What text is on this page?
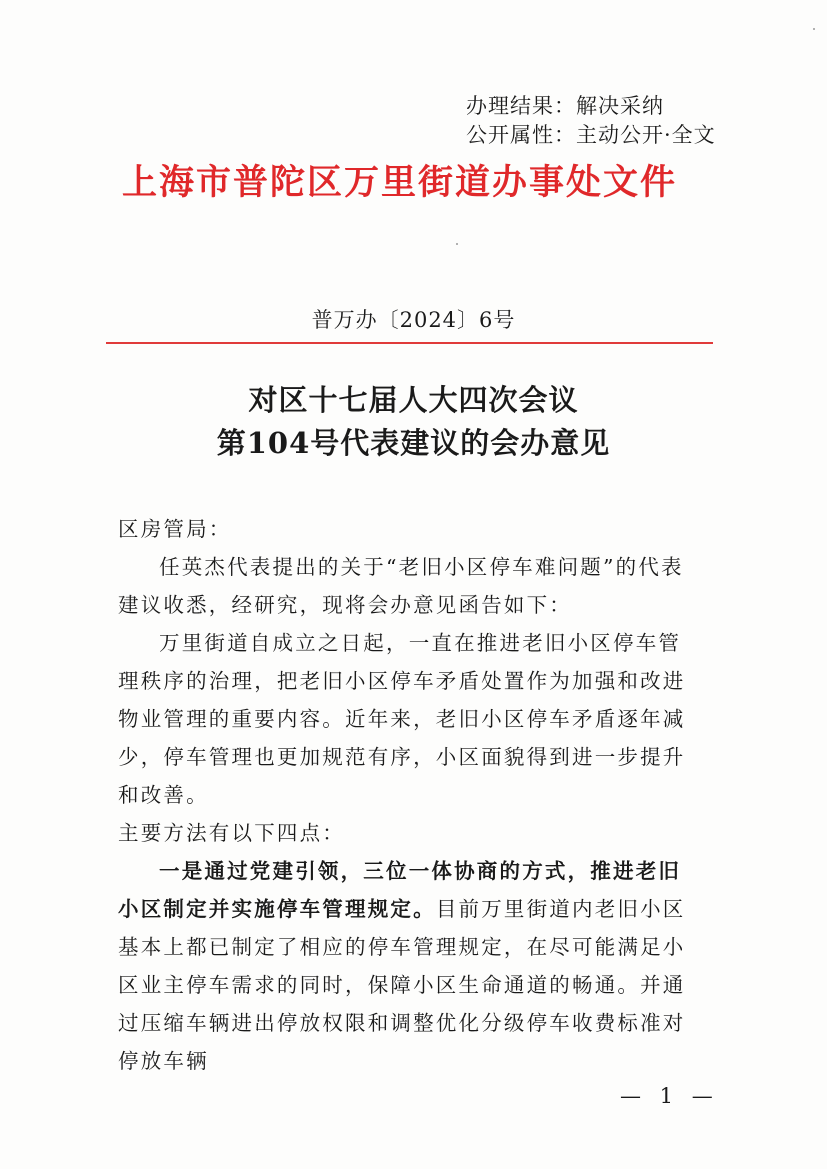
办理结果：解决采纳
公开属性：主动公开·全文
上海市普陀区万里街道办事处文件
普万办〔2024〕6号
对区十七届人大四次会议
第104号代表建议的会办意见
区房管局：

任英杰代表提出的关于“老旧小区停车难问题”的代表建议收悉，经研究，现将会办意见函告如下：

万里街道自成立之日起，一直在推进老旧小区停车管理秩序的治理，把老旧小区停车矛盾处置作为加强和改进物业管理的重要内容。近年来，老旧小区停车矛盾逐年减少，停车管理也更加规范有序，小区面貌得到进一步提升和改善。

主要方法有以下四点：

一是通过党建引领，三位一体协商的方式，推进老旧小区制定并实施停车管理规定。目前万里街道内老旧小区基本上都已制定了相应的停车管理规定，在尽可能满足小区业主停车需求的同时，保障小区生命通道的畅通。并通过压缩车辆进出停放权限和调整优化分级停车收费标准对停放车辆

— 1 —
